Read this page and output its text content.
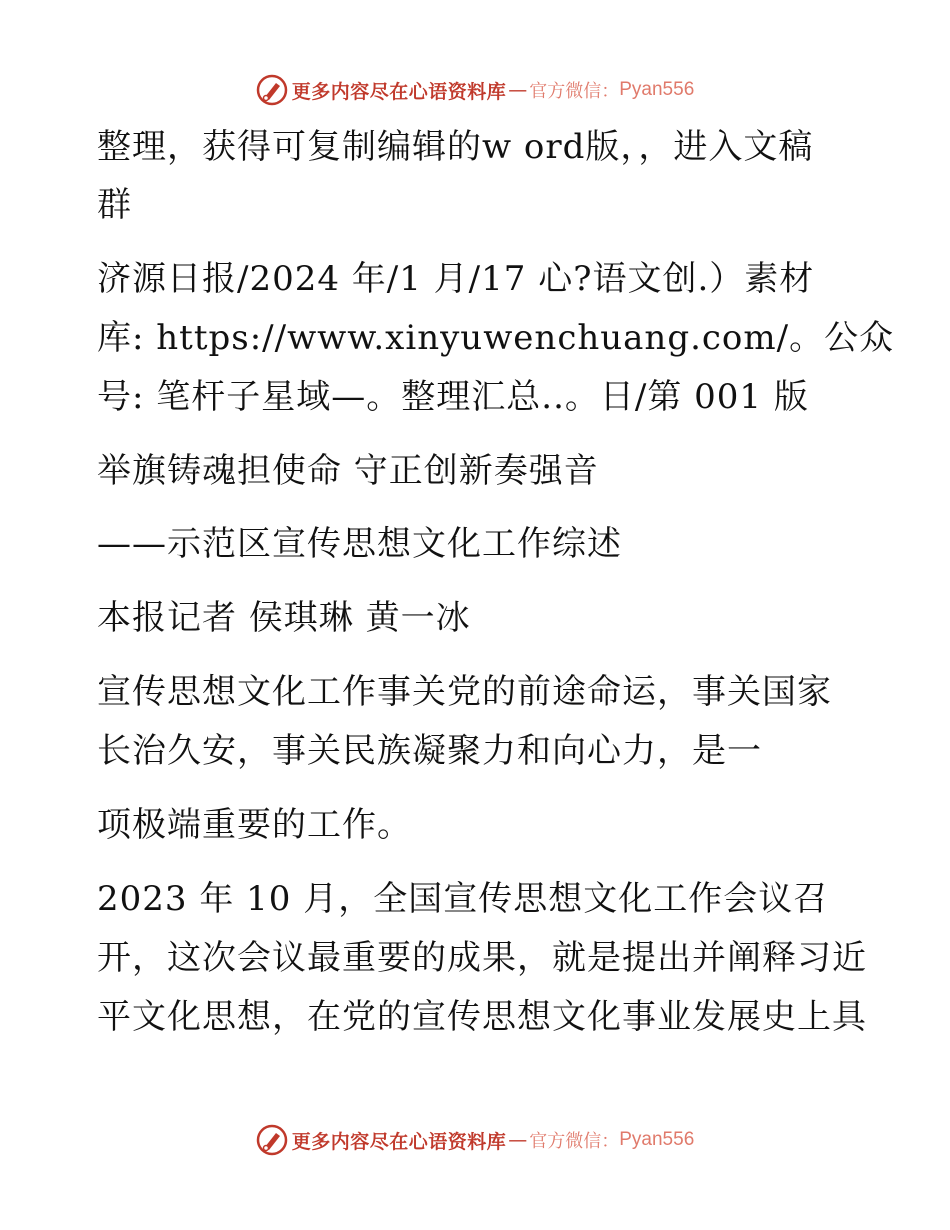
更多内容尽在心语资料库 — 官方微信： Pyan556
整理，获得可复制编辑的w ord版，，进入文稿
群
济源日报/2024 年/1 月/17 心?语文创.）素材
库: https://www.xinyuwenchuang.com/。公众
号: 笔杆子星域—。整理汇总..。日/第 001 版
举旗铸魂担使命 守正创新奏强音
——示范区宣传思想文化工作综述
本报记者 侯琪琳 黄一冰
宣传思想文化工作事关党的前途命运，事关国家
长治久安，事关民族凝聚力和向心力，是一
项极端重要的工作。
2023 年 10 月，全国宣传思想文化工作会议召
开，这次会议最重要的成果，就是提出并阐释习近
平文化思想，在党的宣传思想文化事业发展史上具
更多内容尽在心语资料库 — 官方微信： Pyan556
